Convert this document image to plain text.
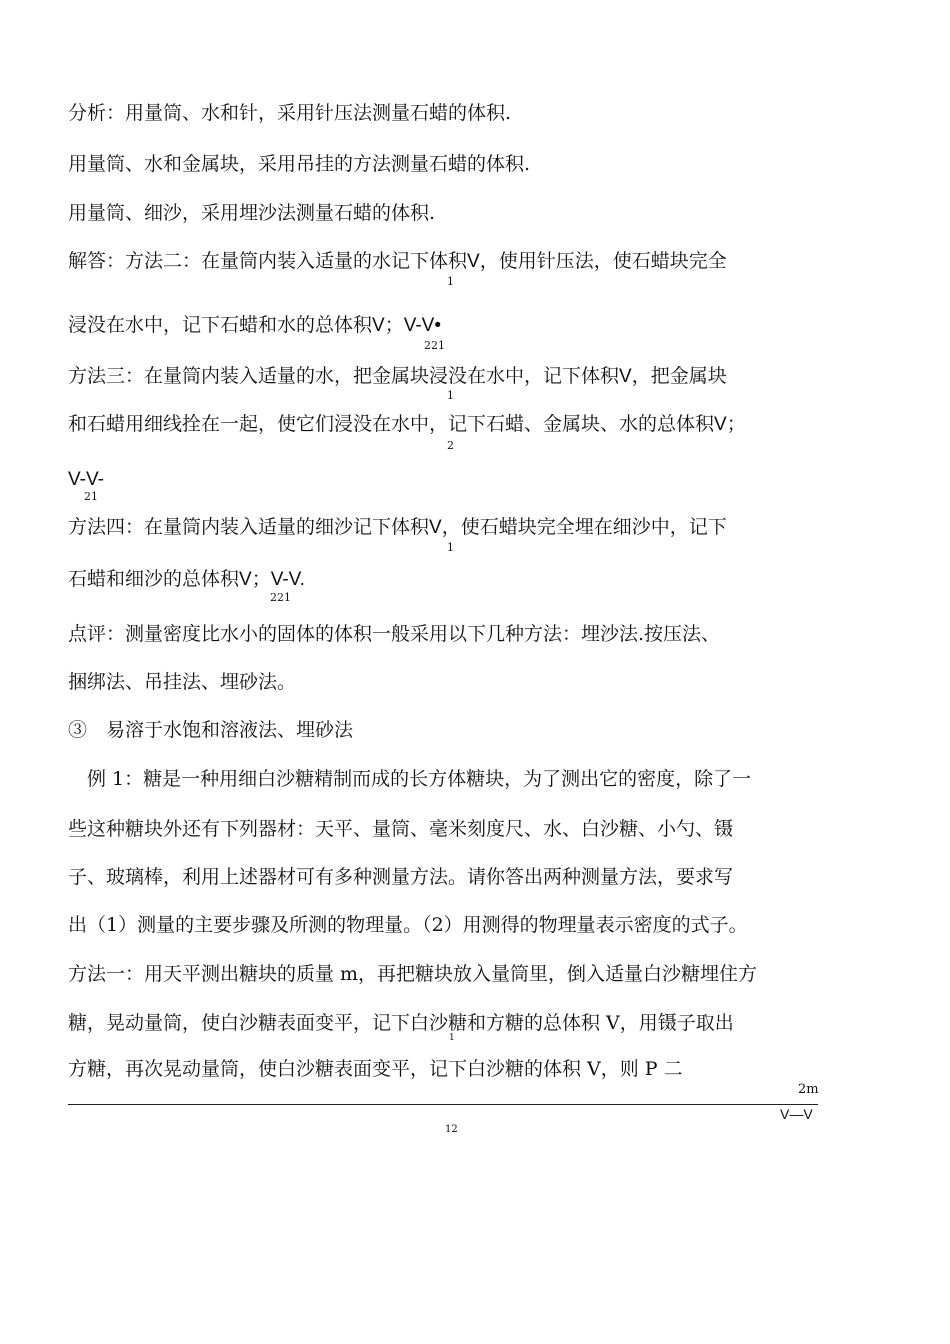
分析：用量筒、水和针，采用针压法测量石蜡的体积.
用量筒、水和金属块，采用吊挂的方法测量石蜡的体积.
用量筒、细沙，采用埋沙法测量石蜡的体积.
解答：方法二：在量筒内装入适量的水记下体积V，使用针压法，使石蜡块完全
1
浸没在水中，记下石蜡和水的总体积V；V-V•
221
方法三：在量筒内装入适量的水，把金属块浸没在水中，记下体积V，把金属块
1
和石蜡用细线拴在一起，使它们浸没在水中，记下石蜡、金属块、水的总体积V；
2
V-V-
21
方法四：在量筒内装入适量的细沙记下体积V，使石蜡块完全埋在细沙中，记下
1
石蜡和细沙的总体积V；V-V.
221
点评：测量密度比水小的固体的体积一般采用以下几种方法：埋沙法.按压法、
捆绑法、吊挂法、埋砂法。
③　易溶于水饱和溶液法、埋砂法
　例 1：糖是一种用细白沙糖精制而成的长方体糖块，为了测出它的密度，除了一
些这种糖块外还有下列器材：天平、量筒、毫米刻度尺、水、白沙糖、小勺、镊
子、玻璃棒，利用上述器材可有多种测量方法。请你答出两种测量方法，要求写
出（1）测量的主要步骤及所测的物理量。（2）用测得的物理量表示密度的式子。
方法一：用天平测出糖块的质量 m，再把糖块放入量筒里，倒入适量白沙糖埋住方
糖，晃动量筒，使白沙糖表面变平，记下白沙糖和方糖的总体积 V，用镊子取出
1
方糖，再次晃动量筒，使白沙糖表面变平，记下白沙糖的体积 V，则 P 二
2m
V—V
12
